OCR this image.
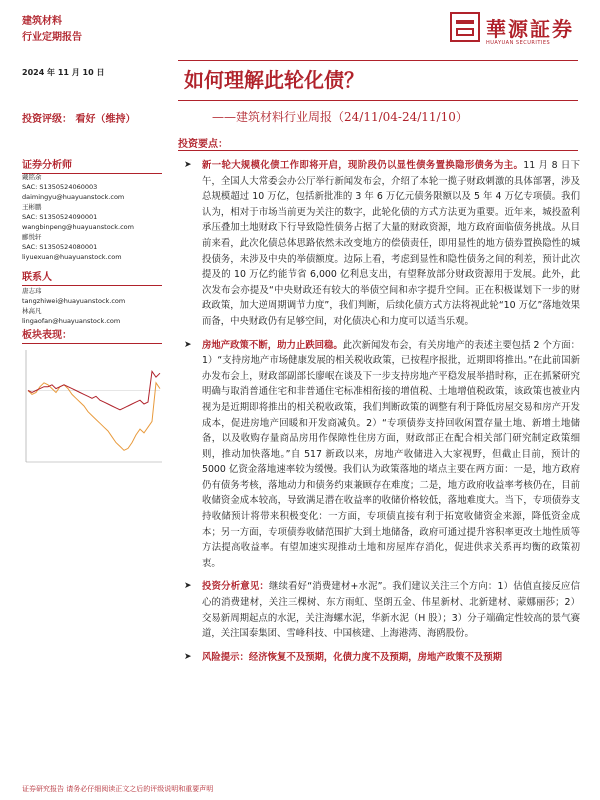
建筑材料
行业定期报告	華源証券
HUAYUAN SECURITIES
2024 年 11 月 10 日	如何理解此轮化债？
——建筑材料行业周报（24/11/04-24/11/10）
投资评级： 看好（维持）
投资要点：
证券分析师
戴铭余
SAC: S1350524060003
daimingyu@huayuanstock.com
王彬鹏
SAC: S1350524090001
wangbinpeng@huayuanstock.com
郦悦轩
SAC: S1350524080001
liyuexuan@huayuanstock.com
联系人
唐志玮
tangzhiwei@huayuanstock.com
林高凡
lingaofan@huayuanstock.com
板块表现：
➤ 新一轮大规模化债工作即将开启，现阶段仍以显性债务置换隐形债务为主。11 月 8 日下午，全国人大常委会办公厅举行新闻发布会，介绍了本轮一揽子财政刺激的具体部署，涉及总规模超过 10 万亿，包括新批准的 3 年 6 万亿元债务限额以及 5 年 4 万亿专项债。我们认为，相对于市场当前更为关注的数字，此轮化债的方式方法更为重要。近年来，城投盈利承压叠加土地财政下行导致隐性债务占据了大量的财政资源，地方政府面临债务挑战。从目前来看，此次化债总体思路依然未改变地方的偿债责任，即用显性的地方债券置换隐性的城投债务，未涉及中央的举债额度。边际上看，考虑到显性和隐性债务之间的利差，预计此次提及的 10 万亿约能节省 6,000 亿利息支出，有望释放部分财政资源用于发展。此外，此次发布会亦提及“中央财政还有较大的举债空间和赤字提升空间。正在积极谋划下一步的财政政策，加大逆周期调节力度”，我们判断，后续化债方式方法将视此轮“10 万亿”落地效果而备，中央财政仍有足够空间，对化债决心和力度可以适当乐观。
➤ 房地产政策不断，助力止跌回稳。此次新闻发布会，有关房地产的表述主要包括 2 个方面：1）“支持房地产市场健康发展的相关税收政策，已按程序报批，近期即将推出。”在此前国新办发布会上，财政部副部长廖岷在谈及下一步支持房地产平稳发展举措时称，正在抓紧研究明确与取消普通住宅和非普通住宅标准相衔接的增值税、土地增值税政策，该政策也被业内视为是近期即将推出的相关税收政策，我们判断政策的调整有利于降低房屋交易和房产开发成本，促进房地产回暖和开发商减负。2）“专项债券支持回收闲置存量土地、新增土地储备，以及收购存量商品房用作保障性住房方面，财政部正在配合相关部门研究制定政策细则，推动加快落地。”自 517 新政以来，房地产收储进入大家视野，但截止目前，预计的 5000 亿资金落地速率较为缓慢。我们认为政策落地的堵点主要在两方面：一是，地方政府仍有债务考核，落地动力和债务约束兼顾存在难度；二是，地方政府收益率考核仍在，目前收储资金成本较高，导致满足潜在收益率的收储价格较低，落地难度大。当下，专项债券支持收储预计将带来积极变化：一方面，专项债直接有利于拓宽收储资金来源，降低资金成本；另一方面，专项债券收储范围扩大到土地储备，政府可通过提升容积率更改土地性质等方法提高收益率。有望加速实现推动土地和房屋库存消化，促进供求关系再均衡的政策初衷。
➤ 投资分析意见：继续看好“消费建材+水泥”。我们建议关注三个方向：1）估值直接反应信心的消费建材，关注三棵树、东方雨虹、坚朗五金、伟星新材、北新建材、蒙娜丽莎；2）交易新周期起点的水泥，关注海螺水泥，华新水泥（H 股）；3）分子端确定性较高的景气赛道，关注国泰集团、雪峰科技、中国核建、上海港湾、海鸥股份。
➤ 风险提示：经济恢复不及预期，化债力度不及预期，房地产政策不及预期
证券研究报告 请务必仔细阅读正文之后的评级说明和重要声明
